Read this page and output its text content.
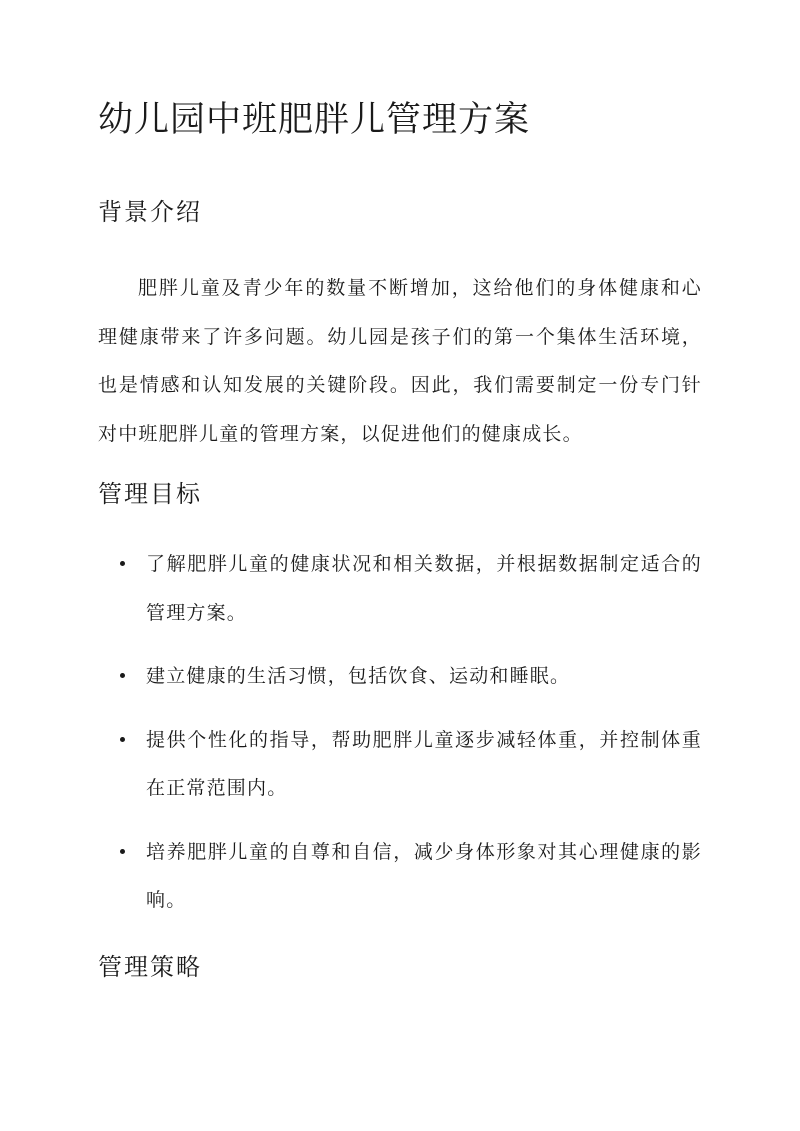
幼儿园中班肥胖儿管理方案
背景介绍

肥胖儿童及青少年的数量不断增加，这给他们的身体健康和心理健康带来了许多问题。幼儿园是孩子们的第一个集体生活环境，也是情感和认知发展的关键阶段。因此，我们需要制定一份专门针对中班肥胖儿童的管理方案，以促进他们的健康成长。

管理目标
了解肥胖儿童的健康状况和相关数据，并根据数据制定适合的管理方案。
建立健康的生活习惯，包括饮食、运动和睡眠。
提供个性化的指导，帮助肥胖儿童逐步减轻体重，并控制体重在正常范围内。
培养肥胖儿童的自尊和自信，减少身体形象对其心理健康的影响。
管理策略
